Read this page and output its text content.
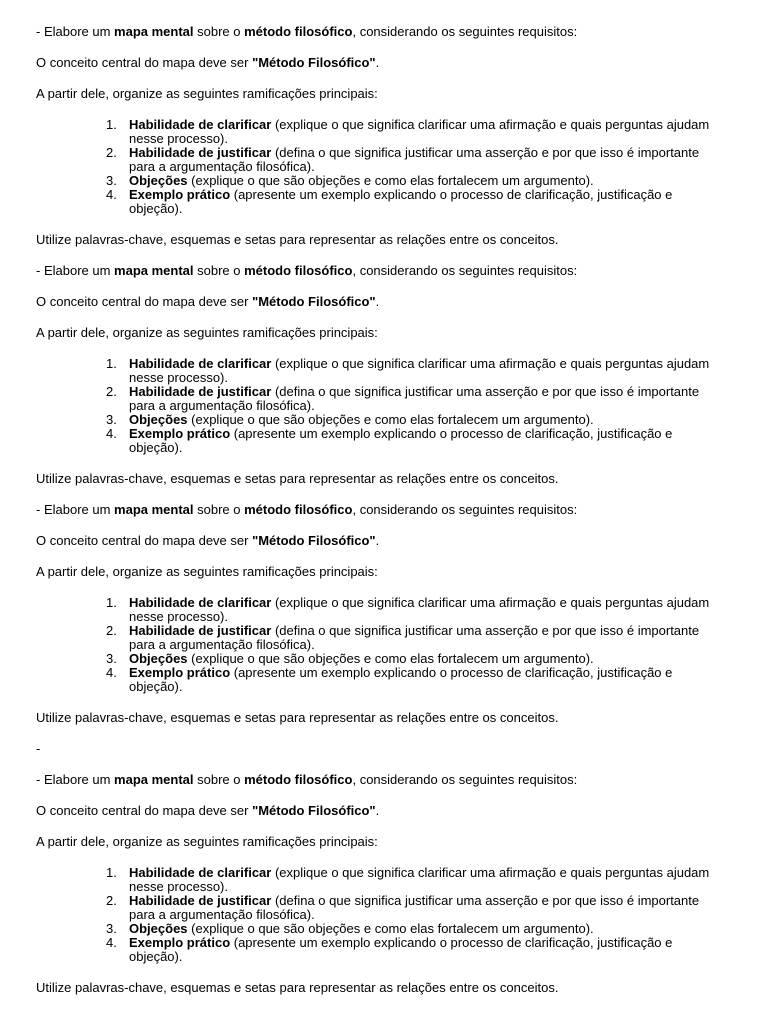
- Elabore um mapa mental sobre o método filosófico, considerando os seguintes requisitos:

O conceito central do mapa deve ser "Método Filosófico".

A partir dele, organize as seguintes ramificações principais:

1. Habilidade de clarificar (explique o que significa clarificar uma afirmação e quais perguntas ajudam nesse processo).
2. Habilidade de justificar (defina o que significa justificar uma asserção e por que isso é importante para a argumentação filosófica).
3. Objeções (explique o que são objeções e como elas fortalecem um argumento).
4. Exemplo prático (apresente um exemplo explicando o processo de clarificação, justificação e objeção).

Utilize palavras-chave, esquemas e setas para representar as relações entre os conceitos.

- Elabore um mapa mental sobre o método filosófico, considerando os seguintes requisitos:

O conceito central do mapa deve ser "Método Filosófico".

A partir dele, organize as seguintes ramificações principais:

1. Habilidade de clarificar (explique o que significa clarificar uma afirmação e quais perguntas ajudam nesse processo).
2. Habilidade de justificar (defina o que significa justificar uma asserção e por que isso é importante para a argumentação filosófica).
3. Objeções (explique o que são objeções e como elas fortalecem um argumento).
4. Exemplo prático (apresente um exemplo explicando o processo de clarificação, justificação e objeção).

Utilize palavras-chave, esquemas e setas para representar as relações entre os conceitos.

- Elabore um mapa mental sobre o método filosófico, considerando os seguintes requisitos:

O conceito central do mapa deve ser "Método Filosófico".

A partir dele, organize as seguintes ramificações principais:

1. Habilidade de clarificar (explique o que significa clarificar uma afirmação e quais perguntas ajudam nesse processo).
2. Habilidade de justificar (defina o que significa justificar uma asserção e por que isso é importante para a argumentação filosófica).
3. Objeções (explique o que são objeções e como elas fortalecem um argumento).
4. Exemplo prático (apresente um exemplo explicando o processo de clarificação, justificação e objeção).

Utilize palavras-chave, esquemas e setas para representar as relações entre os conceitos.

-

- Elabore um mapa mental sobre o método filosófico, considerando os seguintes requisitos:

O conceito central do mapa deve ser "Método Filosófico".

A partir dele, organize as seguintes ramificações principais:

1. Habilidade de clarificar (explique o que significa clarificar uma afirmação e quais perguntas ajudam nesse processo).
2. Habilidade de justificar (defina o que significa justificar uma asserção e por que isso é importante para a argumentação filosófica).
3. Objeções (explique o que são objeções e como elas fortalecem um argumento).
4. Exemplo prático (apresente um exemplo explicando o processo de clarificação, justificação e objeção).

Utilize palavras-chave, esquemas e setas para representar as relações entre os conceitos.
